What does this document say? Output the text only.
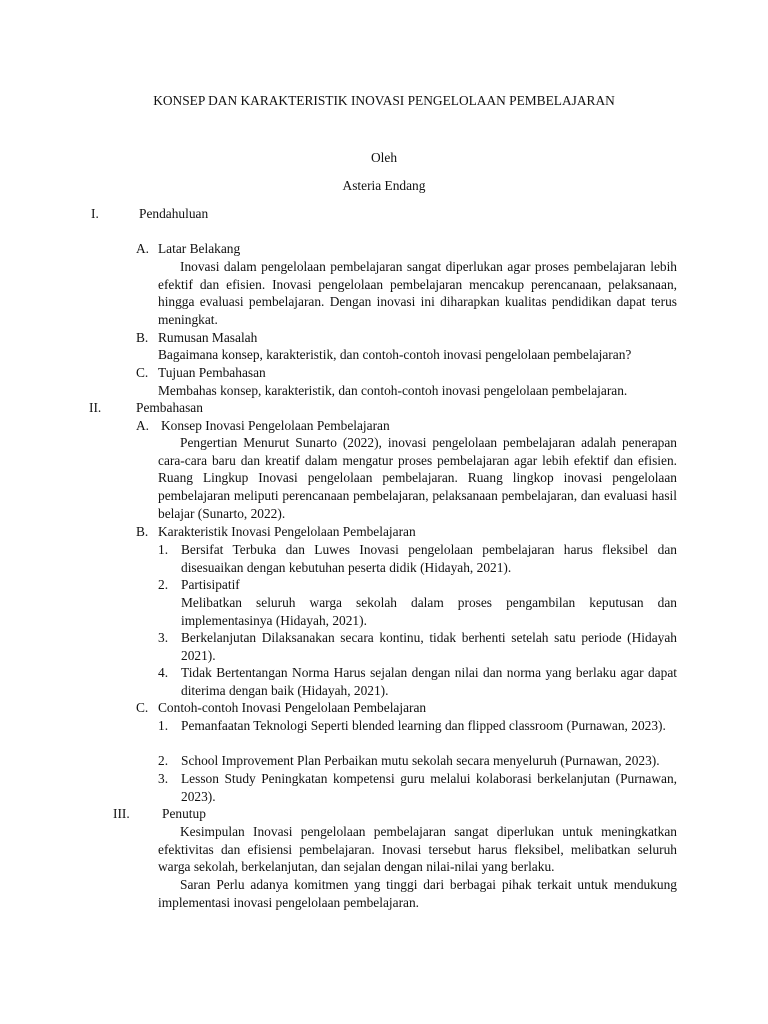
KONSEP DAN KARAKTERISTIK INOVASI PENGELOLAAN PEMBELAJARAN
Oleh
Asteria Endang
I.	Pendahuluan
A. Latar Belakang
Inovasi dalam pengelolaan pembelajaran sangat diperlukan agar proses pembelajaran lebih efektif dan efisien. Inovasi pengelolaan pembelajaran mencakup perencanaan, pelaksanaan, hingga evaluasi pembelajaran. Dengan inovasi ini diharapkan kualitas pendidikan dapat terus meningkat.
B. Rumusan Masalah
Bagaimana konsep, karakteristik, dan contoh-contoh inovasi pengelolaan pembelajaran?
C. Tujuan Pembahasan
Membahas konsep, karakteristik, dan contoh-contoh inovasi pengelolaan pembelajaran.
II.	Pembahasan
A. Konsep Inovasi Pengelolaan Pembelajaran
Pengertian Menurut Sunarto (2022), inovasi pengelolaan pembelajaran adalah penerapan cara-cara baru dan kreatif dalam mengatur proses pembelajaran agar lebih efektif dan efisien. Ruang Lingkup Inovasi pengelolaan pembelajaran. Ruang lingkop inovasi pengelolaan pembelajaran meliputi perencanaan pembelajaran, pelaksanaan pembelajaran, dan evaluasi hasil belajar (Sunarto, 2022).
B. Karakteristik Inovasi Pengelolaan Pembelajaran
1. Bersifat Terbuka dan Luwes Inovasi pengelolaan pembelajaran harus fleksibel dan disesuaikan dengan kebutuhan peserta didik (Hidayah, 2021).
2. Partisipatif
Melibatkan seluruh warga sekolah dalam proses pengambilan keputusan dan implementasinya (Hidayah, 2021).
3. Berkelanjutan Dilaksanakan secara kontinu, tidak berhenti setelah satu periode (Hidayah 2021).
4. Tidak Bertentangan Norma Harus sejalan dengan nilai dan norma yang berlaku agar dapat diterima dengan baik (Hidayah, 2021).
C. Contoh-contoh Inovasi Pengelolaan Pembelajaran
1. Pemanfaatan Teknologi Seperti blended learning dan flipped classroom (Purnawan, 2023).
2. School Improvement Plan Perbaikan mutu sekolah secara menyeluruh (Purnawan, 2023).
3. Lesson Study Peningkatan kompetensi guru melalui kolaborasi berkelanjutan (Purnawan, 2023).
III. Penutup
Kesimpulan Inovasi pengelolaan pembelajaran sangat diperlukan untuk meningkatkan efektivitas dan efisiensi pembelajaran. Inovasi tersebut harus fleksibel, melibatkan seluruh warga sekolah, berkelanjutan, dan sejalan dengan nilai-nilai yang berlaku.
Saran Perlu adanya komitmen yang tinggi dari berbagai pihak terkait untuk mendukung implementasi inovasi pengelolaan pembelajaran.
